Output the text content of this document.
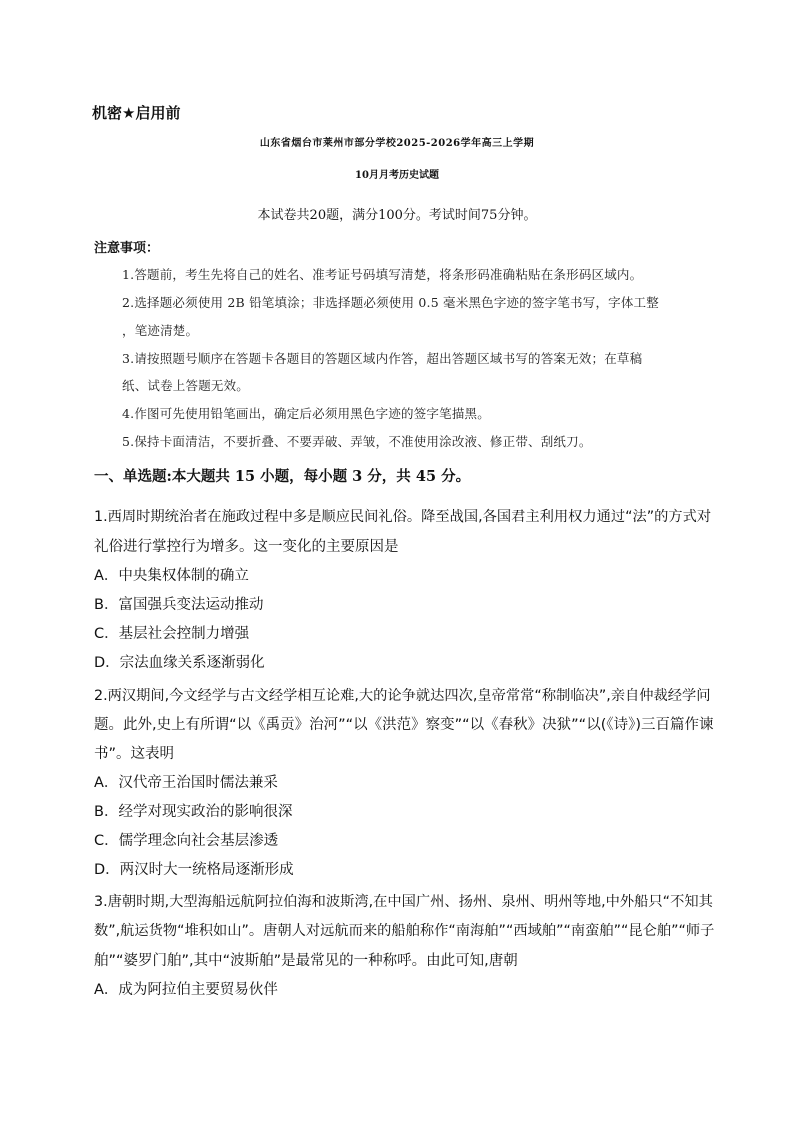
机密★启用前
山东省烟台市莱州市部分学校2025-2026学年高三上学期
10月月考历史试题
本试卷共20题，满分100分。考试时间75分钟。
注意事项：
1.答题前，考生先将自己的姓名、准考证号码填写清楚，将条形码准确粘贴在条形码区域内。
2.选择题必须使用 2B 铅笔填涂；非选择题必须使用 0.5 毫米黑色字迹的签字笔书写，字体工整
，笔迹清楚。
3.请按照题号顺序在答题卡各题目的答题区域内作答，超出答题区域书写的答案无效；在草稿
纸、试卷上答题无效。
4.作图可先使用铅笔画出，确定后必须用黑色字迹的签字笔描黑。
5.保持卡面清洁，不要折叠、不要弄破、弄皱，不准使用涂改液、修正带、刮纸刀。
一、单选题:本大题共 15 小题，每小题 3 分，共 45 分。
1.西周时期统治者在施政过程中多是顺应民间礼俗。降至战国,各国君主利用权力通过“法”的方式对
礼俗进行掌控行为增多。这一变化的主要原因是
A．中央集权体制的确立
B．富国强兵变法运动推动
C．基层社会控制力增强
D．宗法血缘关系逐渐弱化
2.两汉期间,今文经学与古文经学相互论难,大的论争就达四次,皇帝常常“称制临决”,亲自仲裁经学问
题。此外,史上有所谓“以《禹贡》治河”“以《洪范》察变”“以《春秋》决狱”“以(《诗》)三百篇作谏
书”。这表明
A．汉代帝王治国时儒法兼采
B．经学对现实政治的影响很深
C．儒学理念向社会基层渗透
D．两汉时大一统格局逐渐形成
3.唐朝时期,大型海船远航阿拉伯海和波斯湾,在中国广州、扬州、泉州、明州等地,中外船只“不知其
数”,航运货物“堆积如山”。唐朝人对远航而来的船舶称作“南海舶”“西域舶”“南蛮舶”“昆仑舶”“师子
舶”“婆罗门舶”,其中“波斯舶”是最常见的一种称呼。由此可知,唐朝
A．成为阿拉伯主要贸易伙伴
